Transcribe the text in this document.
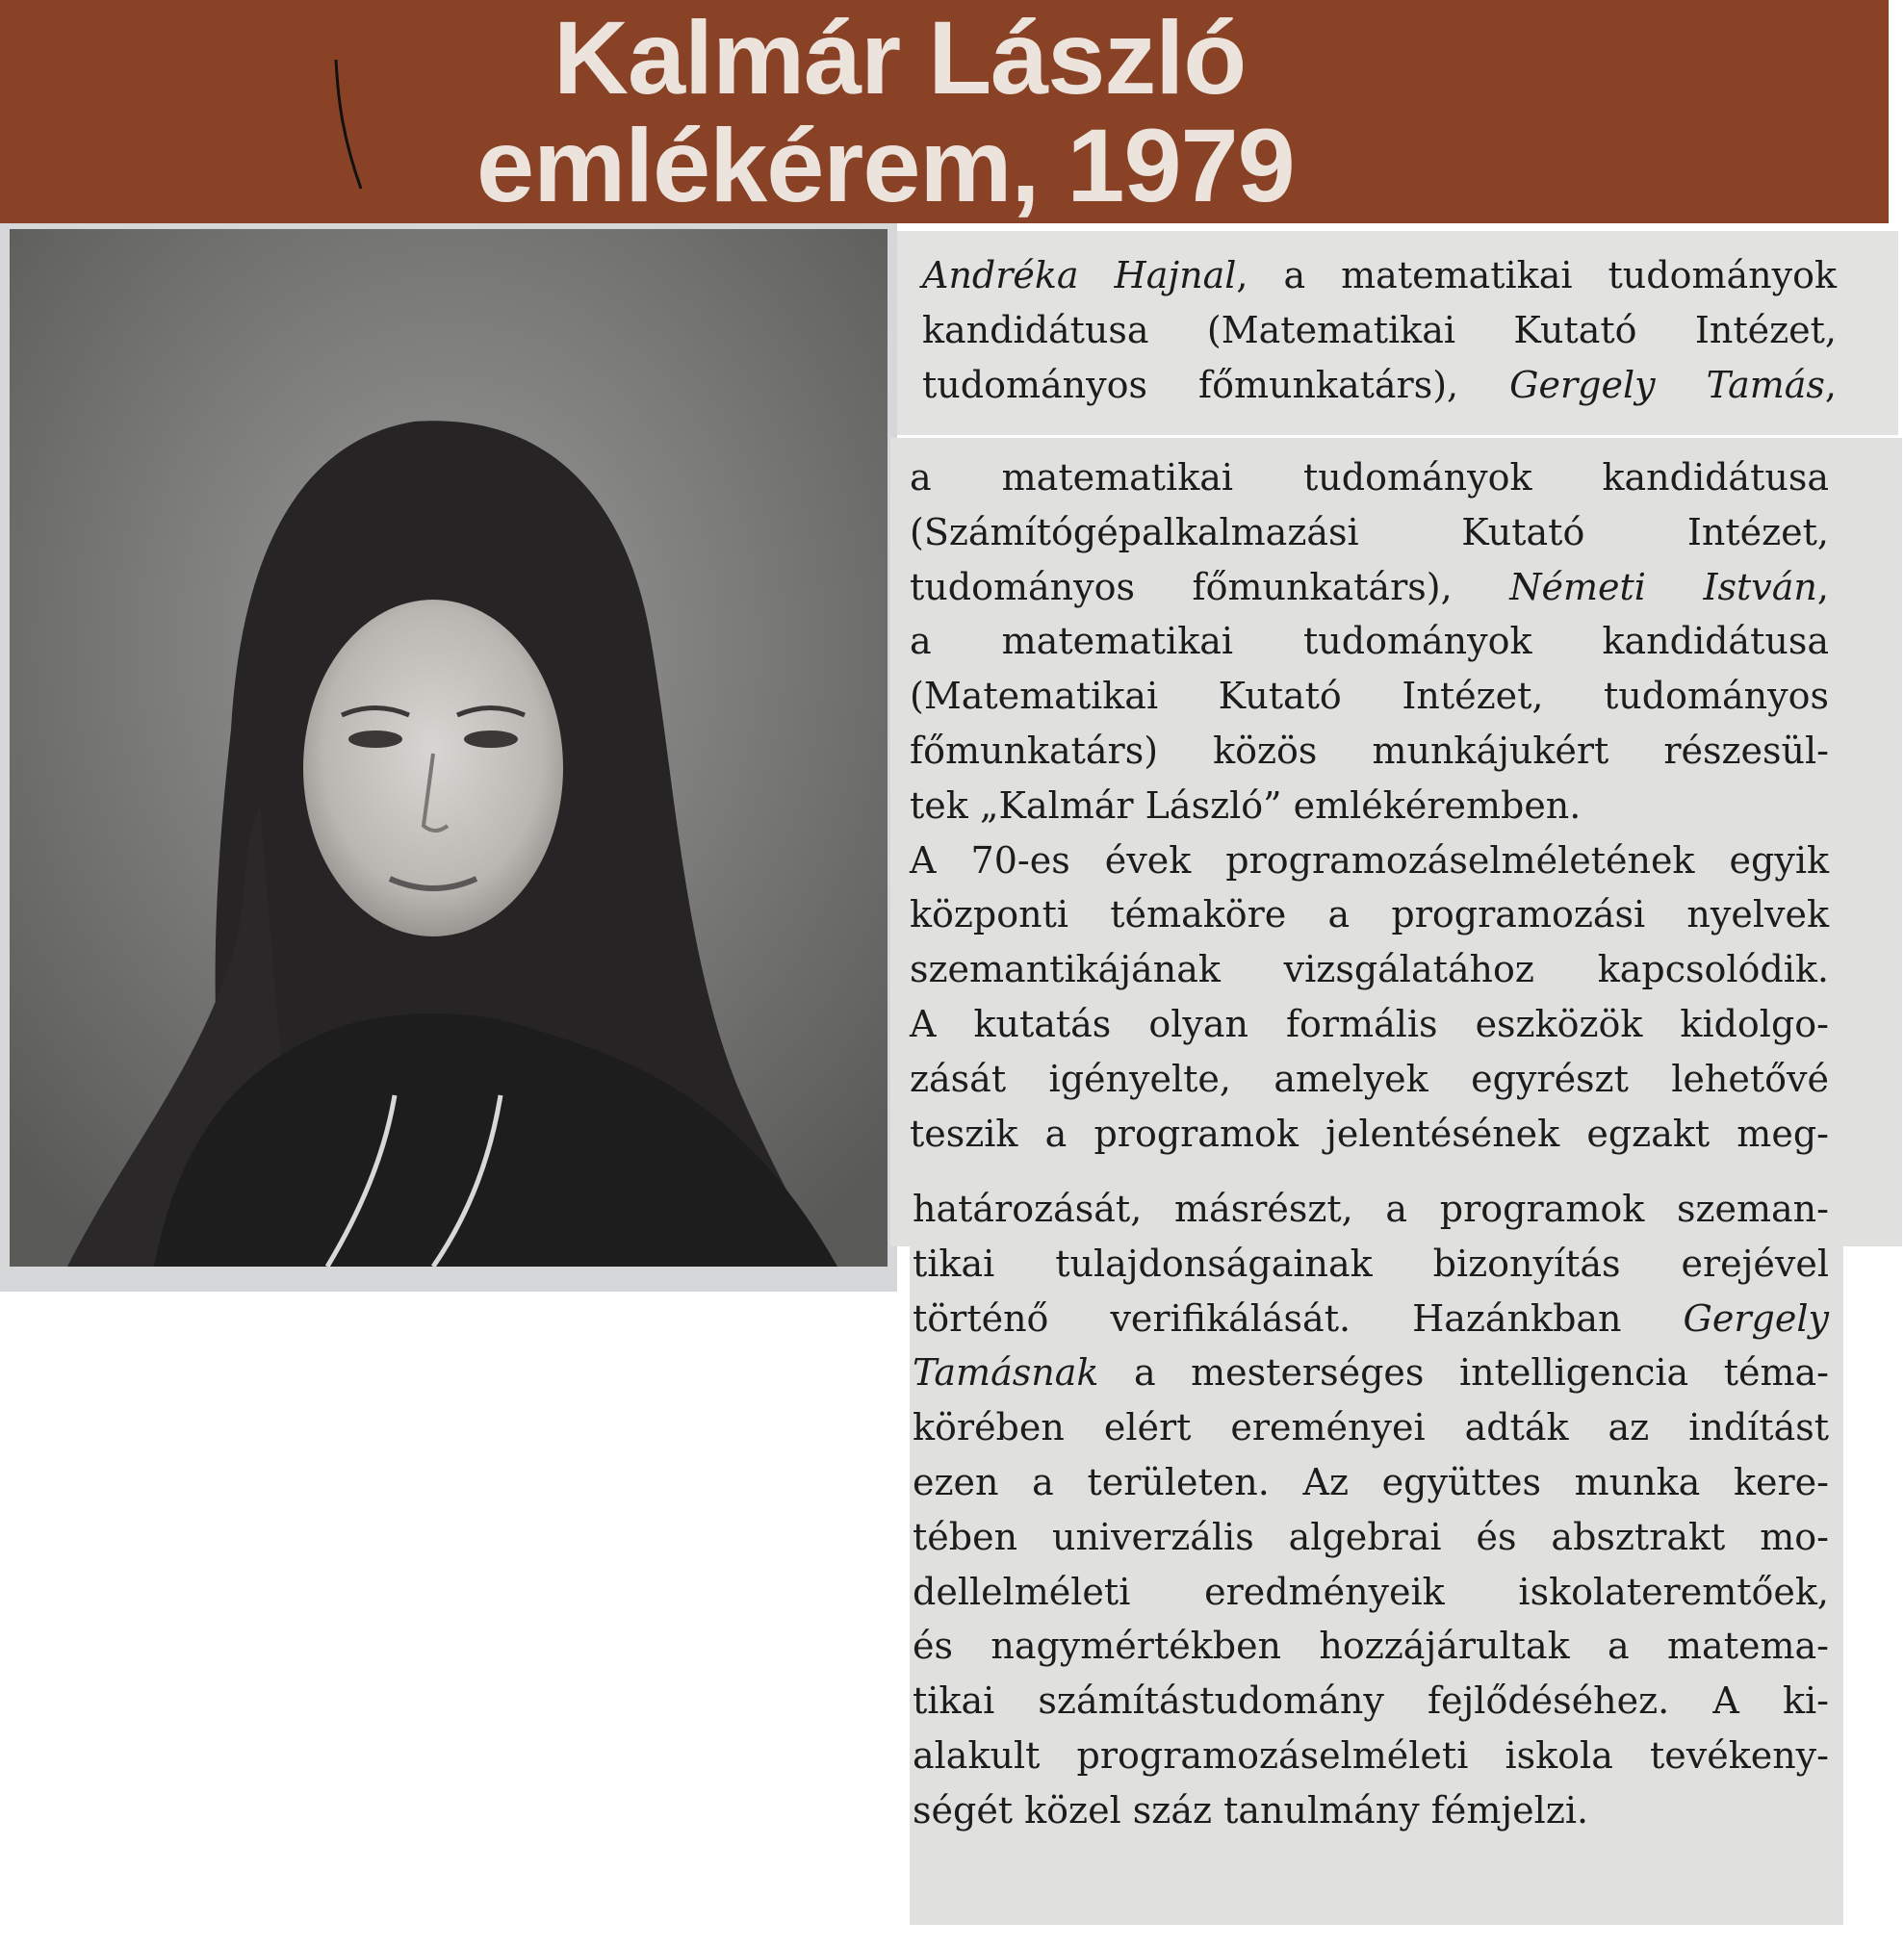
Kalmár László
emlékérem, 1979

Andréka Hajnal, a matematikai tudományok
kandidátusa (Matematikai Kutató Intézet,
tudományos főmunkatárs), Gergely Tamás,

a matematikai tudományok kandidátusa
(Számítógépalkalmazási Kutató Intézet,
tudományos főmunkatárs), Németi István,
a matematikai tudományok kandidátusa
(Matematikai Kutató Intézet, tudományos
főmunkatárs) közös munkájukért részesül-
tek „Kalmár László” emlékéremben.
A 70-es évek programozáselméletének egyik
központi témaköre a programozási nyelvek
szemantikájának vizsgálatához kapcsolódik.
A kutatás olyan formális eszközök kidolgo-
zását igényelte, amelyek egyrészt lehetővé
teszik a programok jelentésének egzakt meg-

határozását, másrészt, a programok szeman-
tikai tulajdonságainak bizonyítás erejével
történő verifikálását. Hazánkban Gergely
Tamásnak a mesterséges intelligencia téma-
körében elért ereményei adták az indítást
ezen a területen. Az együttes munka kere-
tében univerzális algebrai és absztrakt mo-
dellelméleti eredményeik iskolateremtőek,
és nagymértékben hozzájárultak a matema-
tikai számítástudomány fejlődéséhez. A ki-
alakult programozáselméleti iskola tevékeny-
ségét közel száz tanulmány fémjelzi.
